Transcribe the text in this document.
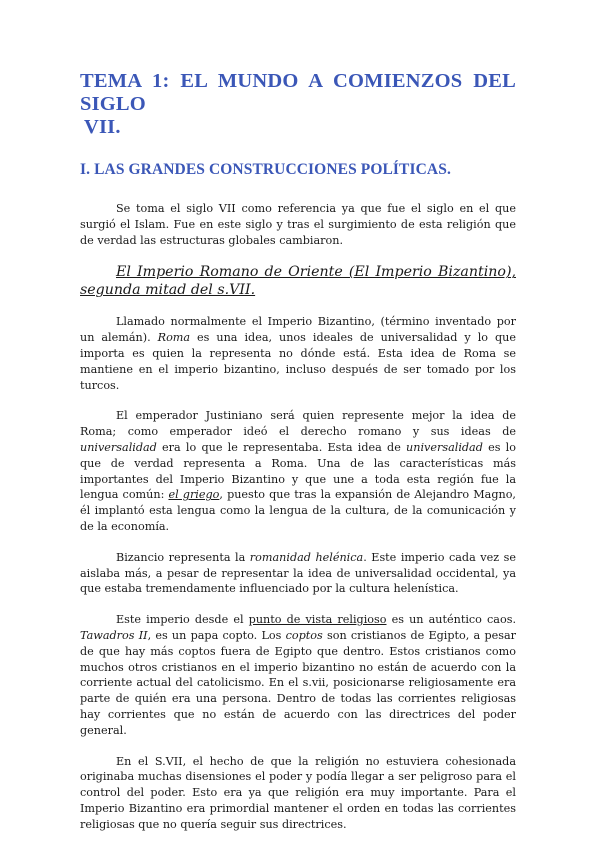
TEMA 1: EL MUNDO A COMIENZOS DEL SIGLO
VII.
I. LAS GRANDES CONSTRUCCIONES POLÍTICAS.

Se toma el siglo VII como referencia ya que fue el siglo en el que surgió el Islam. Fue en este siglo y tras el surgimiento de esta religión que de verdad las estructuras globales cambiaron.

El Imperio Romano de Oriente (El Imperio Bizantino), segunda mitad del s.VII.

Llamado normalmente el Imperio Bizantino, (término inventado por un alemán). Roma es una idea, unos ideales de universalidad y lo que importa es quien la representa no dónde está. Esta idea de Roma se mantiene en el imperio bizantino, incluso después de ser tomado por los turcos.

El emperador Justiniano será quien represente mejor la idea de Roma; como emperador ideó el derecho romano y sus ideas de universalidad era lo que le representaba. Esta idea de universalidad es lo que de verdad representa a Roma. Una de las características más importantes del Imperio Bizantino y que une a toda esta región fue la lengua común: el griego, puesto que tras la expansión de Alejandro Magno, él implantó esta lengua como la lengua de la cultura, de la comunicación y de la economía.

Bizancio representa la romanidad helénica. Este imperio cada vez se aislaba más, a pesar de representar la idea de universalidad occidental, ya que estaba tremendamente influenciado por la cultura helenística.

Este imperio desde el punto de vista religioso es un auténtico caos. Tawadros II, es un papa copto. Los coptos son cristianos de Egipto, a pesar de que hay más coptos fuera de Egipto que dentro. Estos cristianos como muchos otros cristianos en el imperio bizantino no están de acuerdo con la corriente actual del catolicismo. En el s.vii, posicionarse religiosamente era parte de quién era una persona. Dentro de todas las corrientes religiosas hay corrientes que no están de acuerdo con las directrices del poder general.

En el S.VII, el hecho de que la religión no estuviera cohesionada originaba muchas disensiones el poder y podía llegar a ser peligroso para el control del poder. Esto era ya que religión era muy importante. Para el Imperio Bizantino era primordial mantener el orden en todas las corrientes religiosas que no quería seguir sus directrices.
